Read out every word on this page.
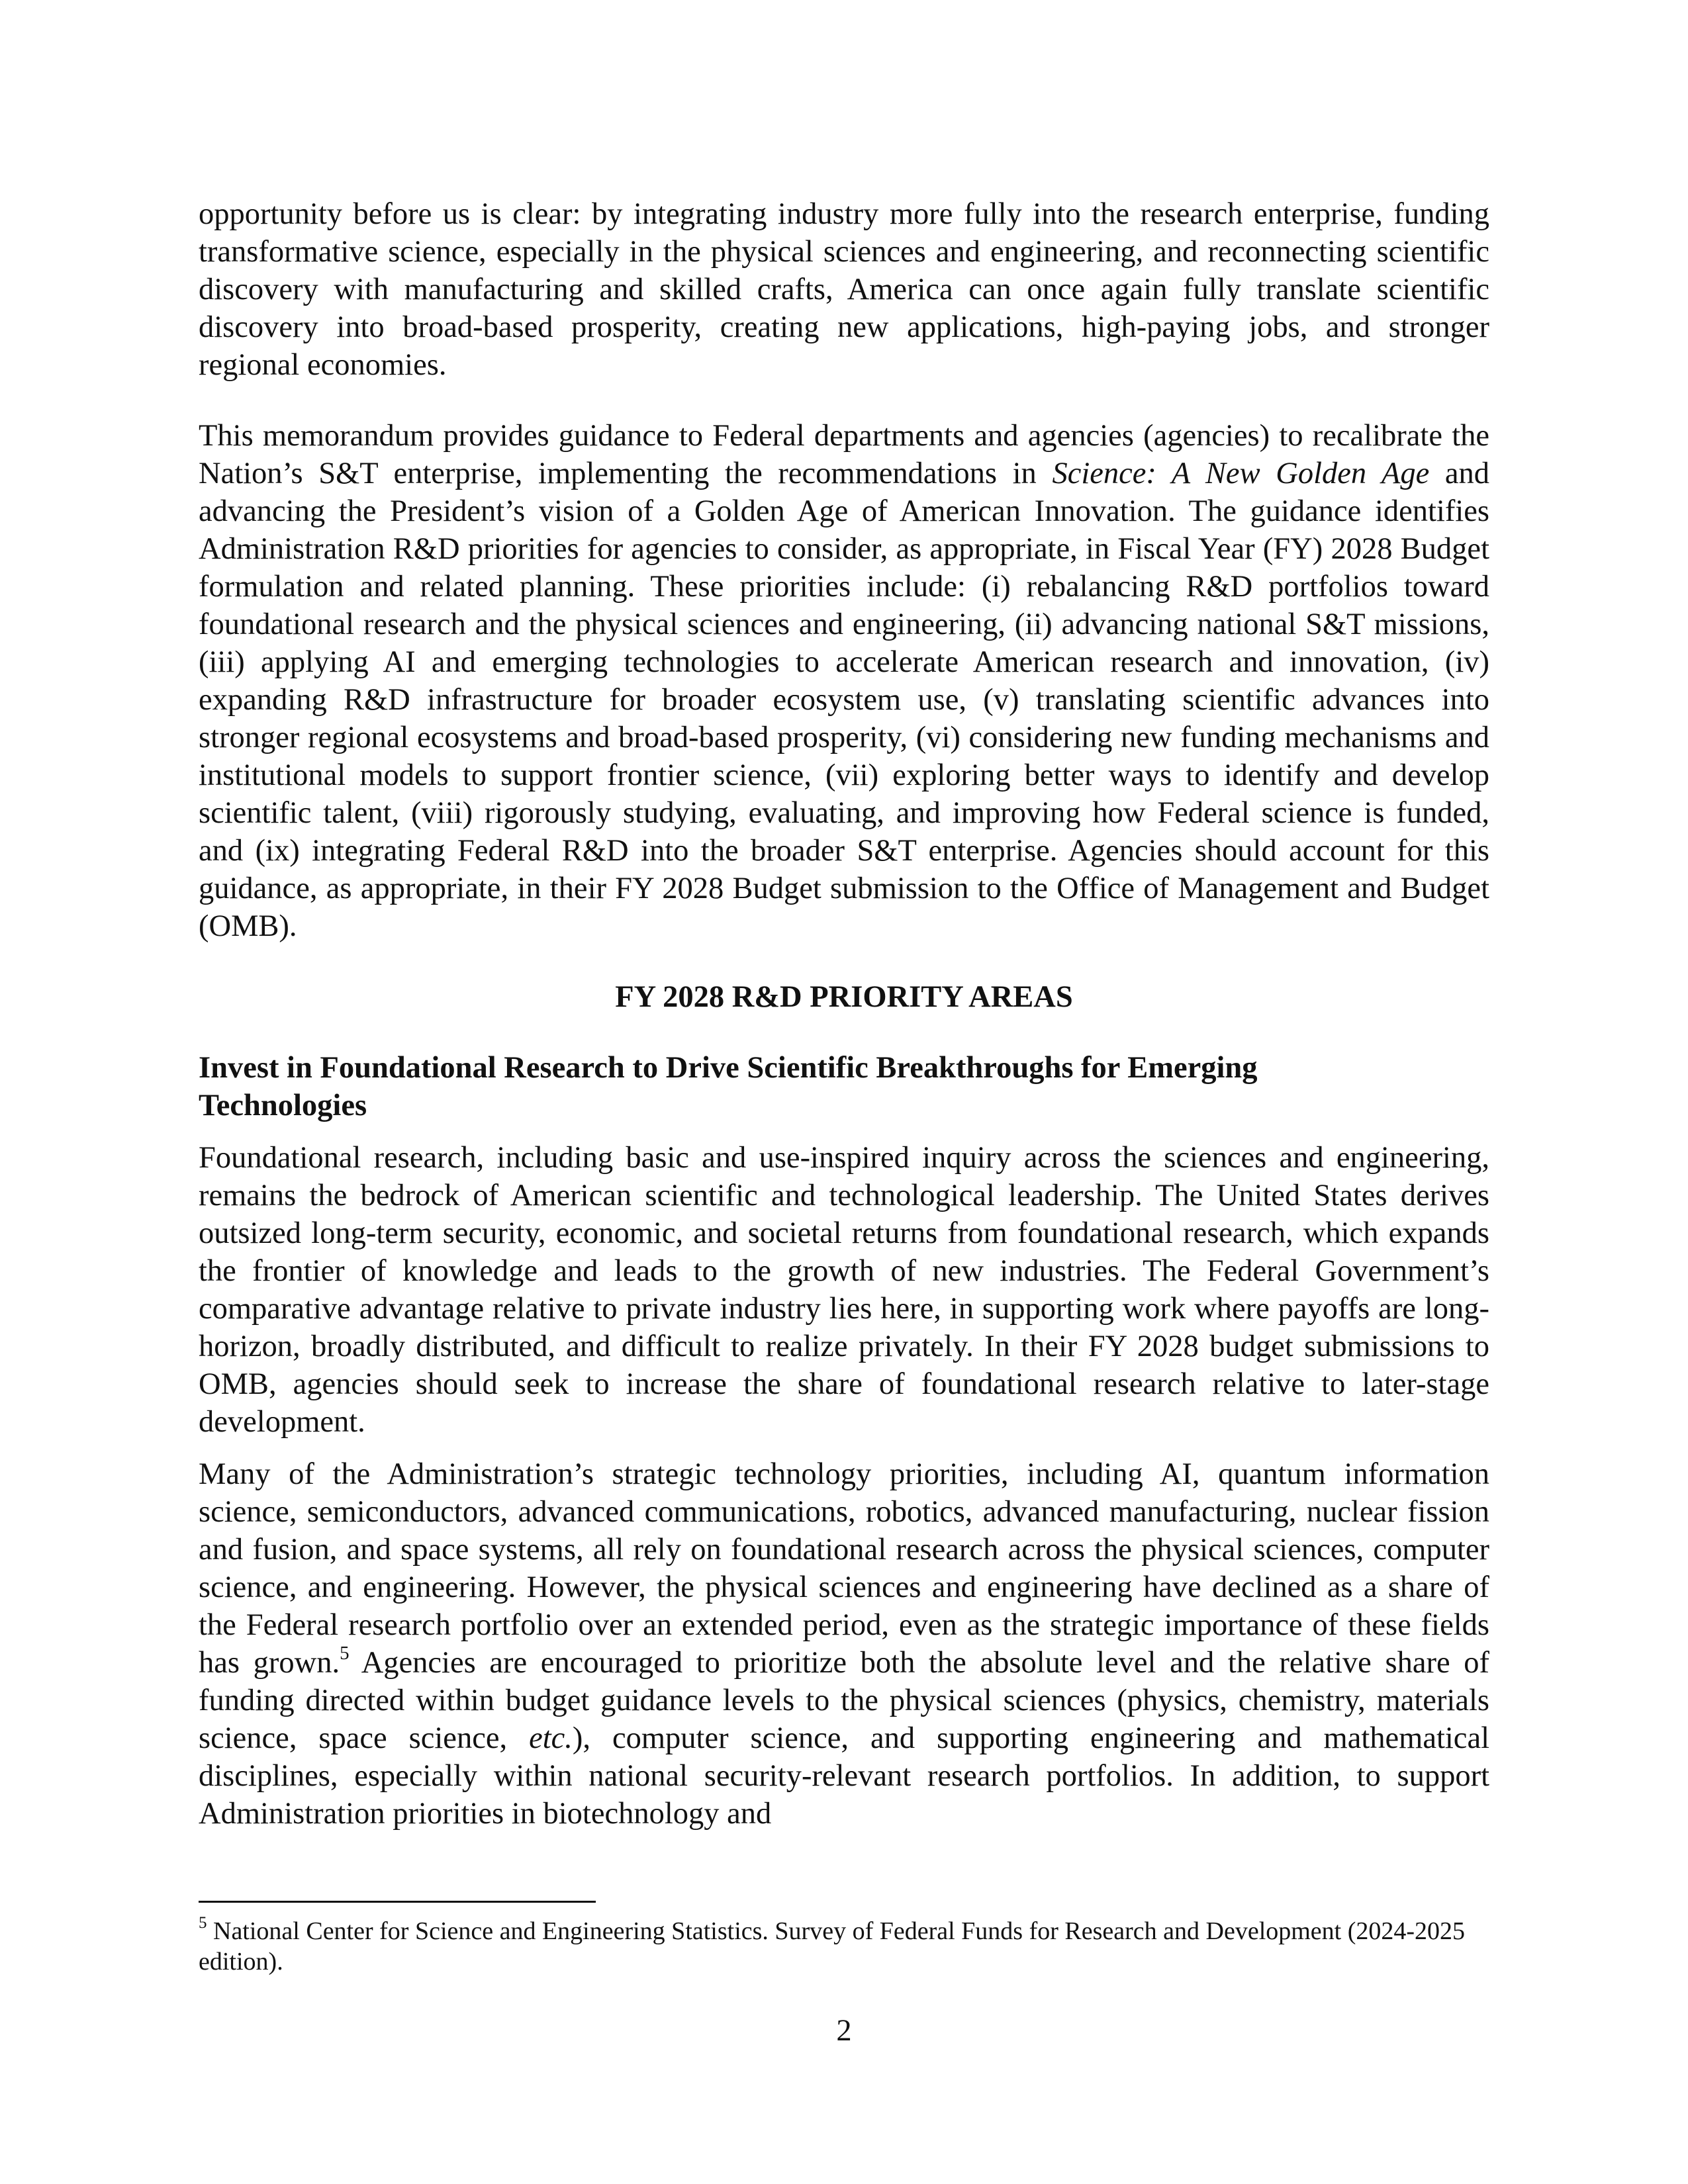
opportunity before us is clear: by integrating industry more fully into the research enterprise, funding transformative science, especially in the physical sciences and engineering, and reconnecting scientific discovery with manufacturing and skilled crafts, America can once again fully translate scientific discovery into broad-based prosperity, creating new applications, high-paying jobs, and stronger regional economies.

This memorandum provides guidance to Federal departments and agencies (agencies) to recalibrate the Nation’s S&T enterprise, implementing the recommendations in Science: A New Golden Age and advancing the President’s vision of a Golden Age of American Innovation. The guidance identifies Administration R&D priorities for agencies to consider, as appropriate, in Fiscal Year (FY) 2028 Budget formulation and related planning. These priorities include: (i) rebalancing R&D portfolios toward foundational research and the physical sciences and engineering, (ii) advancing national S&T missions, (iii) applying AI and emerging technologies to accelerate American research and innovation, (iv) expanding R&D infrastructure for broader ecosystem use, (v) translating scientific advances into stronger regional ecosystems and broad-based prosperity, (vi) considering new funding mechanisms and institutional models to support frontier science, (vii) exploring better ways to identify and develop scientific talent, (viii) rigorously studying, evaluating, and improving how Federal science is funded, and (ix) integrating Federal R&D into the broader S&T enterprise. Agencies should account for this guidance, as appropriate, in their FY 2028 Budget submission to the Office of Management and Budget (OMB).

FY 2028 R&D PRIORITY AREAS
Invest in Foundational Research to Drive Scientific Breakthroughs for Emerging Technologies

Foundational research, including basic and use-inspired inquiry across the sciences and engineering, remains the bedrock of American scientific and technological leadership. The United States derives outsized long-term security, economic, and societal returns from foundational research, which expands the frontier of knowledge and leads to the growth of new industries. The Federal Government’s comparative advantage relative to private industry lies here, in supporting work where payoffs are long-horizon, broadly distributed, and difficult to realize privately. In their FY 2028 budget submissions to OMB, agencies should seek to increase the share of foundational research relative to later-stage development.

Many of the Administration’s strategic technology priorities, including AI, quantum information science, semiconductors, advanced communications, robotics, advanced manufacturing, nuclear fission and fusion, and space systems, all rely on foundational research across the physical sciences, computer science, and engineering. However, the physical sciences and engineering have declined as a share of the Federal research portfolio over an extended period, even as the strategic importance of these fields has grown.$^5$ Agencies are encouraged to prioritize both the absolute level and the relative share of funding directed within budget guidance levels to the physical sciences (physics, chemistry, materials science, space science, etc.), computer science, and supporting engineering and mathematical disciplines, especially within national security-relevant research portfolios. In addition, to support Administration priorities in biotechnology and

$^5$ National Center for Science and Engineering Statistics. Survey of Federal Funds for Research and Development (2024-2025 edition).
2
